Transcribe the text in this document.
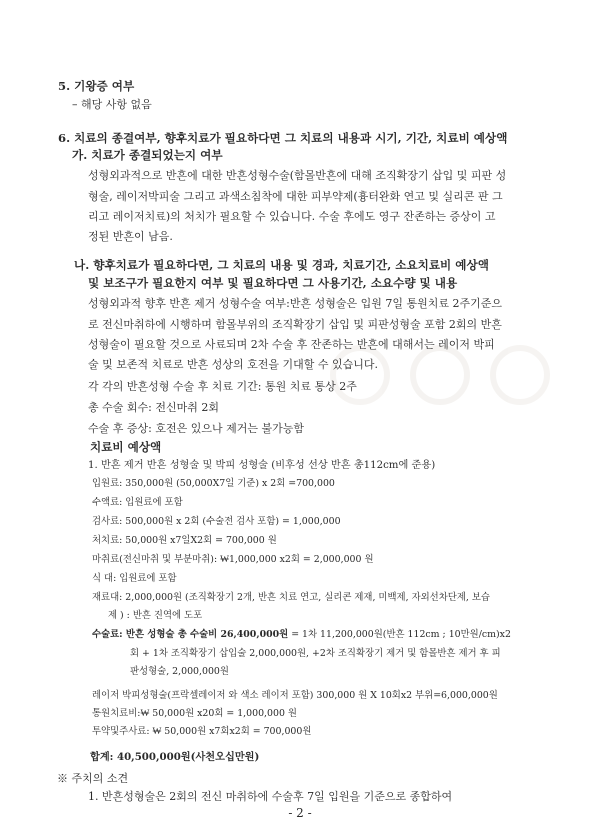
5. 기왕증 여부
– 해당 사항 없음
6. 치료의 종결여부, 향후치료가 필요하다면 그 치료의 내용과 시기, 기간, 치료비 예상액
가. 치료가 종결되었는지 여부
성형외과적으로 반흔에 대한 반흔성형수술(함몰반흔에 대해 조직확장기 삽입 및 피판 성
형술, 레이저박피술 그리고 과색소침착에 대한 피부약제(흉터완화 연고 및 실리콘 판 그
리고 레이저치료)의 처치가 필요할 수 있습니다. 수술 후에도 영구 잔존하는 증상이 고
정된 반흔이 남음.
나. 향후치료가 필요하다면, 그 치료의 내용 및 경과, 치료기간, 소요치료비 예상액
및 보조구가 필요한지 여부 및 필요하다면 그 사용기간, 소요수량 및 내용
성형외과적 향후 반흔 제거 성형수술 여부:반흔 성형술은 입원 7일 통원치료 2주기준으
로 전신마취하에 시행하며 함몰부위의 조직확장기 삽입 및 피판성형술 포함 2회의 반흔
성형술이 필요할 것으로 사료되며 2차 수술 후 잔존하는 반흔에 대해서는 레이저 박피
술 및 보존적 치료로 반흔 성상의 호전을 기대할 수 있습니다.
각 각의 반흔성형 수술 후 치료 기간: 통원 치료 통상 2주
총 수술 회수: 전신마취 2회
수술 후 증상: 호전은 있으나 제거는 불가능함
치료비 예상액
1. 반흔 제거 반흔 성형술 및 박피 성형술 (비후성 선상 반흔 총112cm에 준용)
입원료: 350,000원 (50,000X7일 기준) x 2회 =700,000
수액료: 입원료에 포함
검사료: 500,000원 x 2회 (수술전 검사 포함) = 1,000,000
처치료: 50,000원 x7일X2회 = 700,000 원
마취료(전신마취 및 부분마취): ₩1,000,000 x2회 = 2,000,000 원
식 대: 입원료에 포함
재료대: 2,000,000원 (조직확장기 2개, 반흔 치료 연고, 실리콘 제재, 미백제, 자외선차단제, 보습
제 ) : 반흔 진역에 도포
수술료: 반흔 성형술 총 수술비 26,400,000원 = 1차 11,200,000원(반흔 112cm ; 10만원/cm)x2
회 + 1차 조직확장기 삽입술 2,000,000원, +2차 조직확장기 제거 및 함몰반흔 제거 후 피
판성형술, 2,000,000원
레이저 박피성형술(프락셀레이저 와 색소 레이저 포함) 300,000 원 X 10회x2 부위=6,000,000원
통원치료비:₩ 50,000원 x20회 = 1,000,000 원
투약및주사료: ₩ 50,000원 x7회x2회 = 700,000원
합계: 40,500,000원(사천오십만원)
※ 주치의 소견
1. 반흔성형술은 2회의 전신 마취하에 수술후 7일 입원을 기준으로 종합하여
- 2 -
